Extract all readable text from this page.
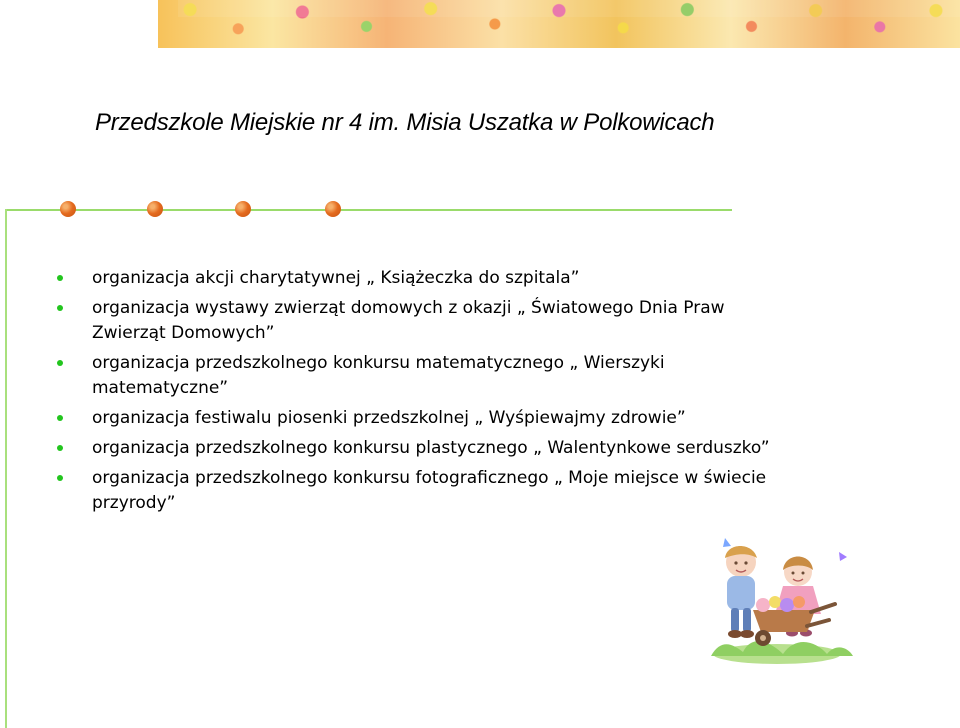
Przedszkole Miejskie nr 4 im. Misia Uszatka w Polkowicach
organizacja akcji charytatywnej „ Książeczka do szpitala”
organizacja wystawy zwierząt domowych z okazji „ Światowego Dnia Praw Zwierząt Domowych”
organizacja przedszkolnego konkursu matematycznego „ Wierszyki matematyczne”
organizacja festiwalu piosenki przedszkolnej „ Wyśpiewajmy zdrowie”
organizacja przedszkolnego konkursu plastycznego „ Walentynkowe serduszko”
organizacja przedszkolnego konkursu fotograficznego „ Moje miejsce w świecie przyrody”
